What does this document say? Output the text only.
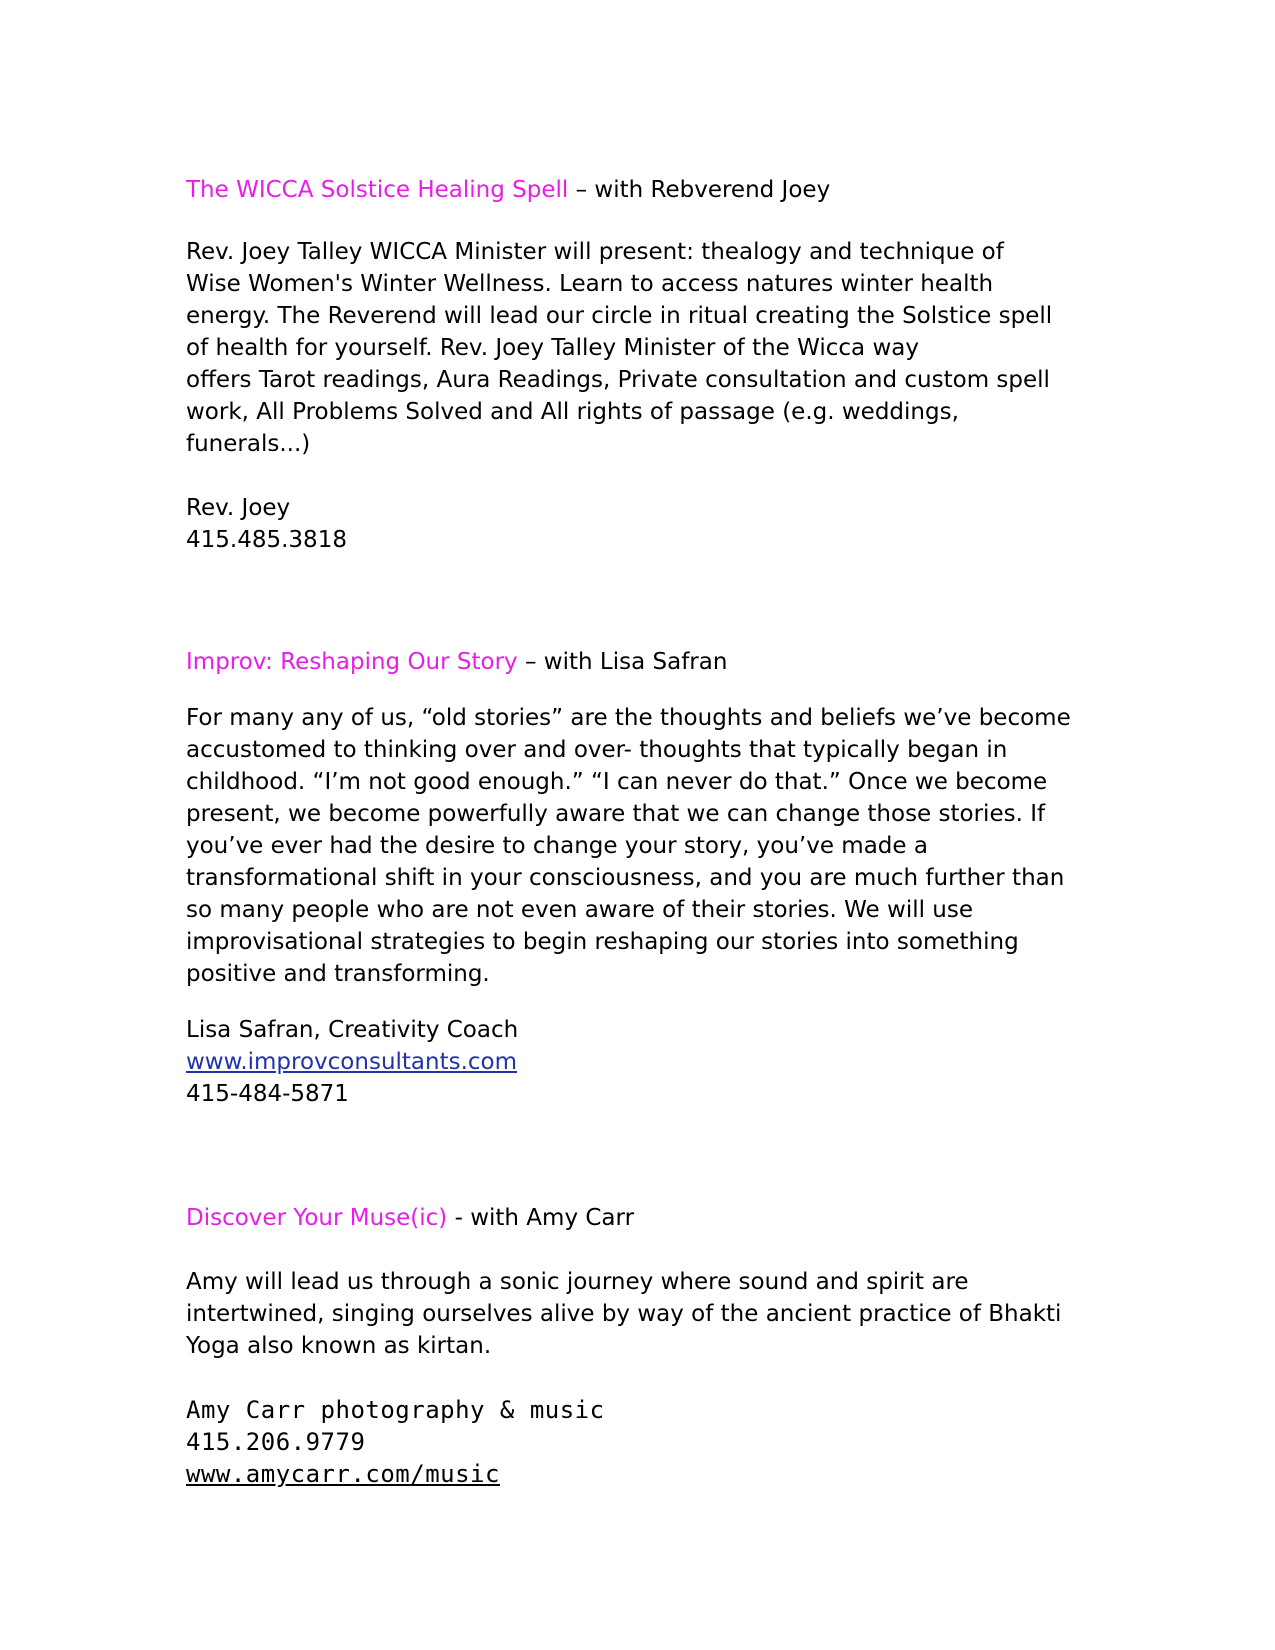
The WICCA Solstice Healing Spell – with Rebverend Joey

Rev. Joey Talley WICCA Minister will present: thealogy and technique of
Wise Women's Winter Wellness. Learn to access natures winter health
energy. The Reverend will lead our circle in ritual creating the Solstice spell
of health for yourself. Rev. Joey Talley Minister of the Wicca way
offers Tarot readings, Aura Readings, Private consultation and custom spell
work, All Problems Solved and All rights of passage (e.g. weddings,
funerals...)
Rev. Joey
415.485.3818

Improv: Reshaping Our Story – with Lisa Safran

For many any of us, “old stories” are the thoughts and beliefs we’ve become
accustomed to thinking over and over- thoughts that typically began in
childhood. “I’m not good enough.” “I can never do that.” Once we become
present, we become powerfully aware that we can change those stories. If
you’ve ever had the desire to change your story, you’ve made a
transformational shift in your consciousness, and you are much further than
so many people who are not even aware of their stories. We will use
improvisational strategies to begin reshaping our stories into something
positive and transforming.
Lisa Safran, Creativity Coach
www.improvconsultants.com
415-484-5871

Discover Your Muse(ic) - with Amy Carr

Amy will lead us through a sonic journey where sound and spirit are
intertwined, singing ourselves alive by way of the ancient practice of Bhakti
Yoga also known as kirtan.
Amy Carr photography & music
415.206.9779
www.amycarr.com/music
